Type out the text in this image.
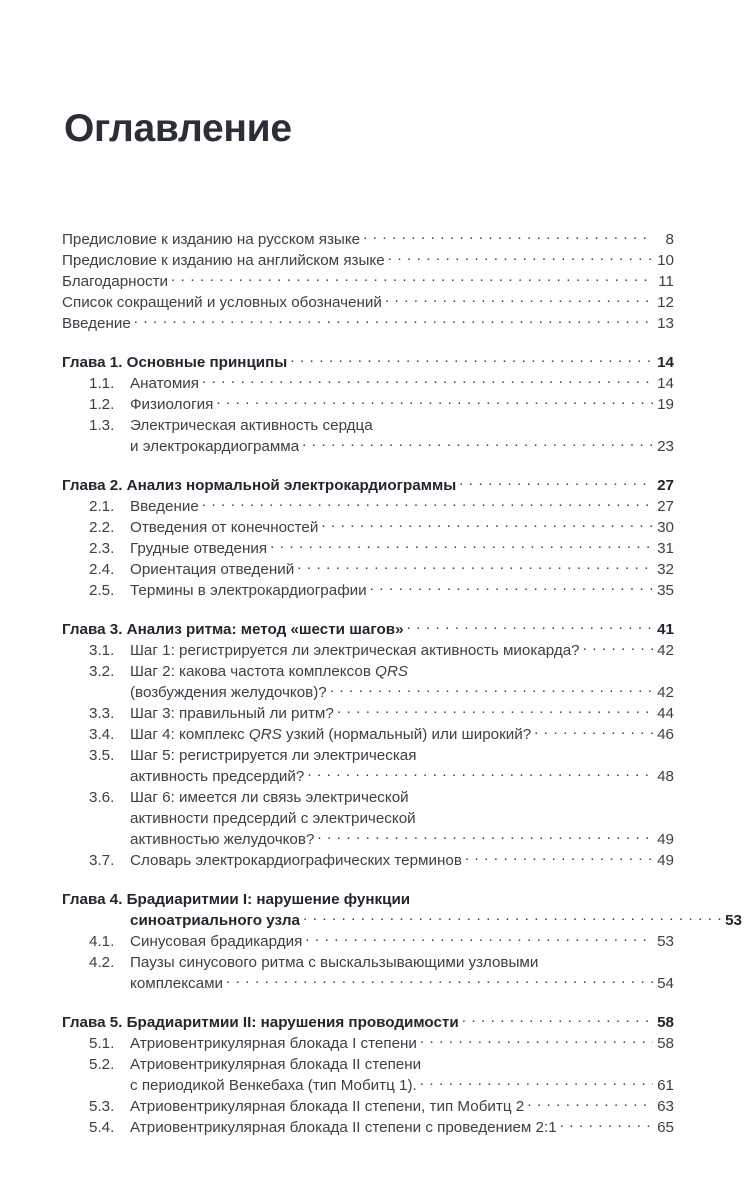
Оглавление
Предисловие к изданию на русском языке . . .	8
Предисловие к изданию на английском языке . . .	10
Благодарности . . .	11
Список сокращений и условных обозначений . . .	12
Введение . . .	13
Глава 1. Основные принципы . . .	14
1.1.	Анатомия . . .	14
1.2.	Физиология . . .	19
1.3.	Электрическая активность сердца
и электрокардиограмма . . .	23
Глава 2. Анализ нормальной электрокардиограммы . . .	27
2.1.	Введение . . .	27
2.2.	Отведения от конечностей . . .	30
2.3.	Грудные отведения . . .	31
2.4.	Ориентация отведений . . .	32
2.5.	Термины в электрокардиографии . . .	35
Глава 3. Анализ ритма: метод «шести шагов» . . .	41
3.1.	Шаг 1: регистрируется ли электрическая активность миокарда? . . .	42
3.2.	Шаг 2: какова частота комплексов QRS
(возбуждения желудочков)? . . .	42
3.3.	Шаг 3: правильный ли ритм? . . .	44
3.4.	Шаг 4: комплекс QRS узкий (нормальный) или широкий? . . .	46
3.5.	Шаг 5: регистрируется ли электрическая
активность предсердий? . . .	48
3.6.	Шаг 6: имеется ли связь электрической
активности предсердий с электрической
активностью желудочков? . . .	49
3.7.	Словарь электрокардиографических терминов . . .	49
Глава 4. Брадиаритмии I: нарушение функции
синоатриального узла . . .	53
4.1.	Синусовая брадикардия . . .	53
4.2.	Паузы синусового ритма с выскальзывающими узловыми
комплексами . . .	54
Глава 5. Брадиаритмии II: нарушения проводимости . . .	58
5.1.	Атриовентрикулярная блокада I степени . . .	58
5.2.	Атриовентрикулярная блокада II степени
с периодикой Венкебаха (тип Мобитц 1). . . .	61
5.3.	Атриовентрикулярная блокада II степени, тип Мобитц 2 . . .	63
5.4.	Атриовентрикулярная блокада II степени с проведением 2:1 . . .	65
